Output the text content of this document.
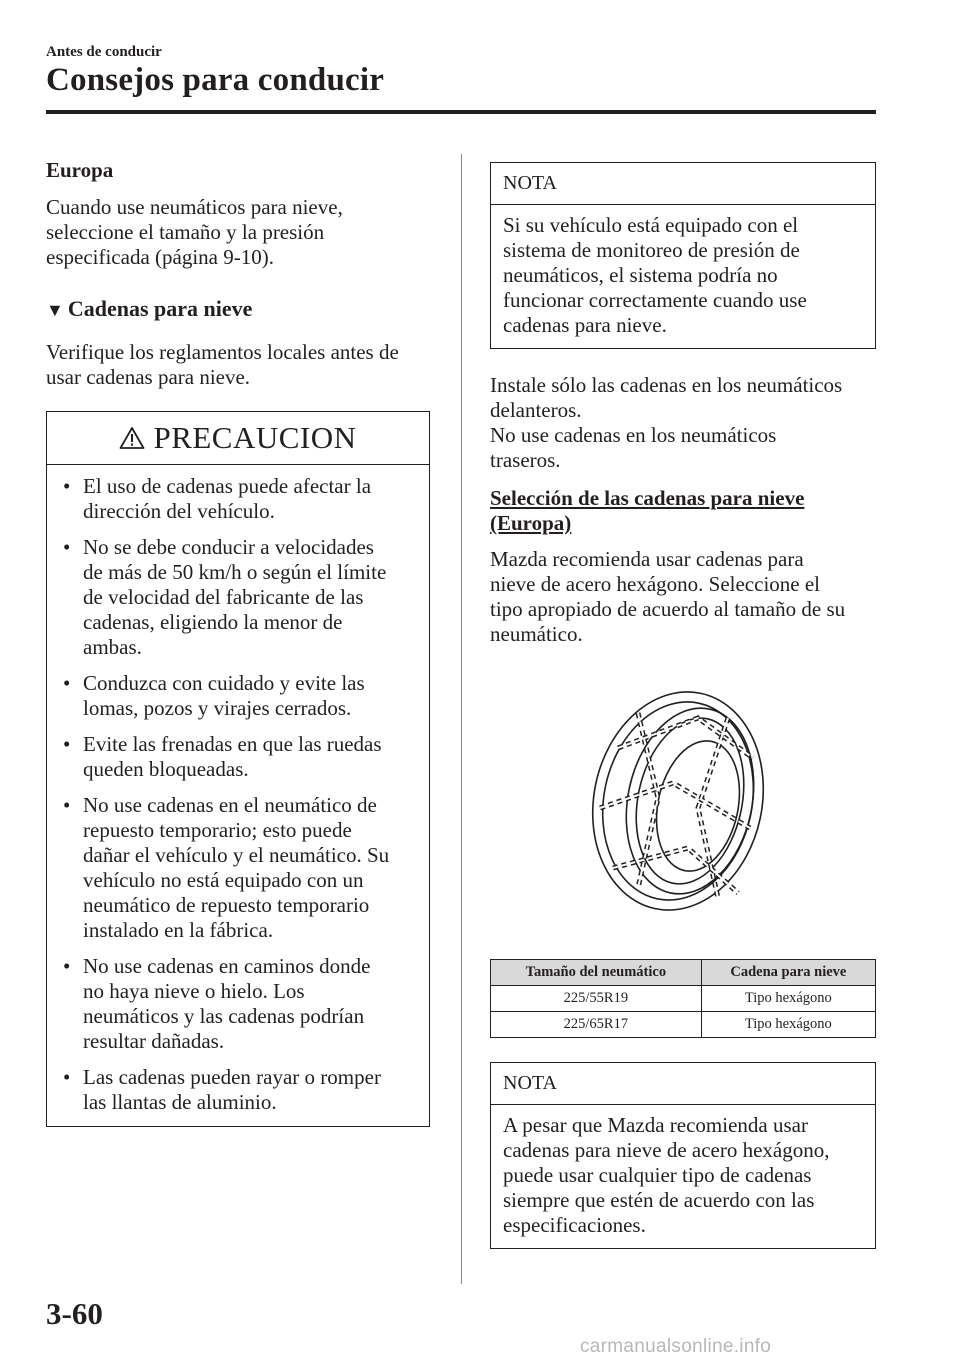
Antes de conducir
Consejos para conducir
Europa

Cuando use neumáticos para nieve,

seleccione el tamaño y la presión

especificada (página 9-10).

▼ Cadenas para nieve

Verifique los reglamentos locales antes de

usar cadenas para nieve.

PRECAUCION
• El uso de cadenas puede afectar la

dirección del vehículo.

• No se debe conducir a velocidades

de más de 50 km/h o según el límite

de velocidad del fabricante de las

cadenas, eligiendo la menor de

ambas.

• Conduzca con cuidado y evite las

lomas, pozos y virajes cerrados.

• Evite las frenadas en que las ruedas

queden bloqueadas.

• No use cadenas en el neumático de

repuesto temporario; esto puede

dañar el vehículo y el neumático. Su

vehículo no está equipado con un

neumático de repuesto temporario

instalado en la fábrica.

• No use cadenas en caminos donde

no haya nieve o hielo. Los

neumáticos y las cadenas podrían

resultar dañadas.

• Las cadenas pueden rayar o romper

las llantas de aluminio.

NOTA

Si su vehículo está equipado con el

sistema de monitoreo de presión de

neumáticos, el sistema podría no

funcionar correctamente cuando use

cadenas para nieve.

Instale sólo las cadenas en los neumáticos

delanteros.

No use cadenas en los neumáticos

traseros.

Selección de las cadenas para nieve

(Europa)

Mazda recomienda usar cadenas para

nieve de acero hexágono. Seleccione el

tipo apropiado de acuerdo al tamaño de su

neumático.

Tamaño del neumático	Cadena para nieve
225/55R19	Tipo hexágono
225/65R17	Tipo hexágono
NOTA

A pesar que Mazda recomienda usar

cadenas para nieve de acero hexágono,

puede usar cualquier tipo de cadenas

siempre que estén de acuerdo con las

especificaciones.

3-60
carmanualsonline.info
